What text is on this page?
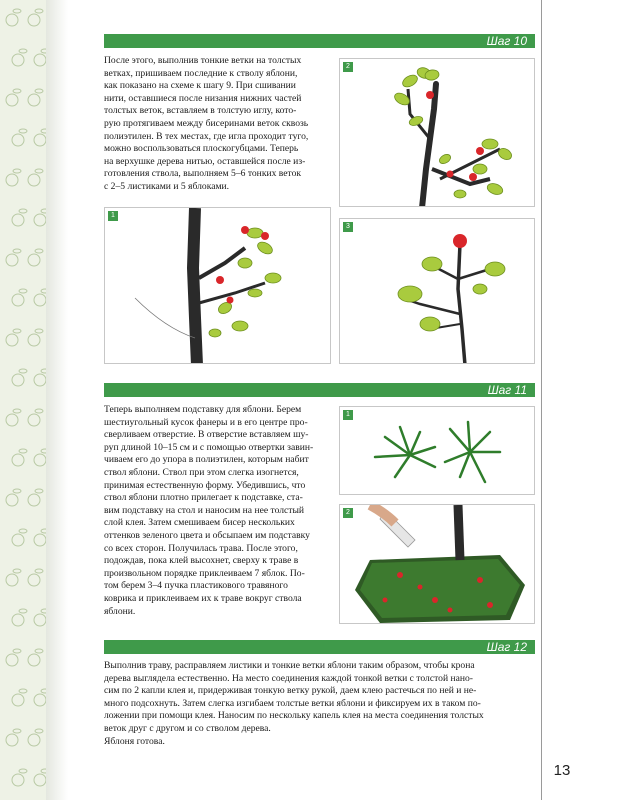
Шаг 10
После этого, выполнив тонкие ветки на толстых
ветках, пришиваем последние к стволу яблони,
как показано на схеме к шагу 9. При сшивании
нити, оставшиеся после низания нижних частей
толстых веток, вставляем в толстую иглу, кото-
рую протягиваем между бисеринами веток сквозь
полиэтилен. В тех местах, где игла проходит туго,
можно воспользоваться плоскогубцами. Теперь
на верхушке дерева нитью, оставшейся после из-
готовления ствола, выполняем 5–6 тонких веток
с 2–5 листиками и 5 яблоками.
2
1
3
Шаг 11
Теперь выполняем подставку для яблони. Берем
шестиугольный кусок фанеры и в его центре про-
сверливаем отверстие. В отверстие вставляем шу-
руп длиной 10–15 см и с помощью отвертки завин-
чиваем его до упора в полиэтилен, которым набит
ствол яблони. Ствол при этом слегка изогнется,
принимая естественную форму. Убедившись, что
ствол яблони плотно прилегает к подставке, ста-
вим подставку на стол и наносим на нее толстый
слой клея. Затем смешиваем бисер нескольких
оттенков зеленого цвета и обсыпаем им подставку
со всех сторон. Получилась трава. После этого,
подождав, пока клей высохнет, сверху к траве в
произвольном порядке приклеиваем 7 яблок. По-
том берем 3–4 пучка пластикового травяного
коврика и приклеиваем их к траве вокруг ствола
яблони.
1
2
Шаг 12
Выполнив траву, расправляем листики и тонкие ветки яблони таким образом, чтобы крона
дерева выглядела естественно. На место соединения каждой тонкой ветки с толстой нано-
сим по 2 капли клея и, придерживая тонкую ветку рукой, даем клею растечься по ней и не-
много подсохнуть. Затем слегка изгибаем толстые ветки яблони и фиксируем их в таком по-
ложении при помощи клея. Наносим по нескольку капель клея на места соединения толстых
веток друг с другом и со стволом дерева.
Яблоня готова.
13
